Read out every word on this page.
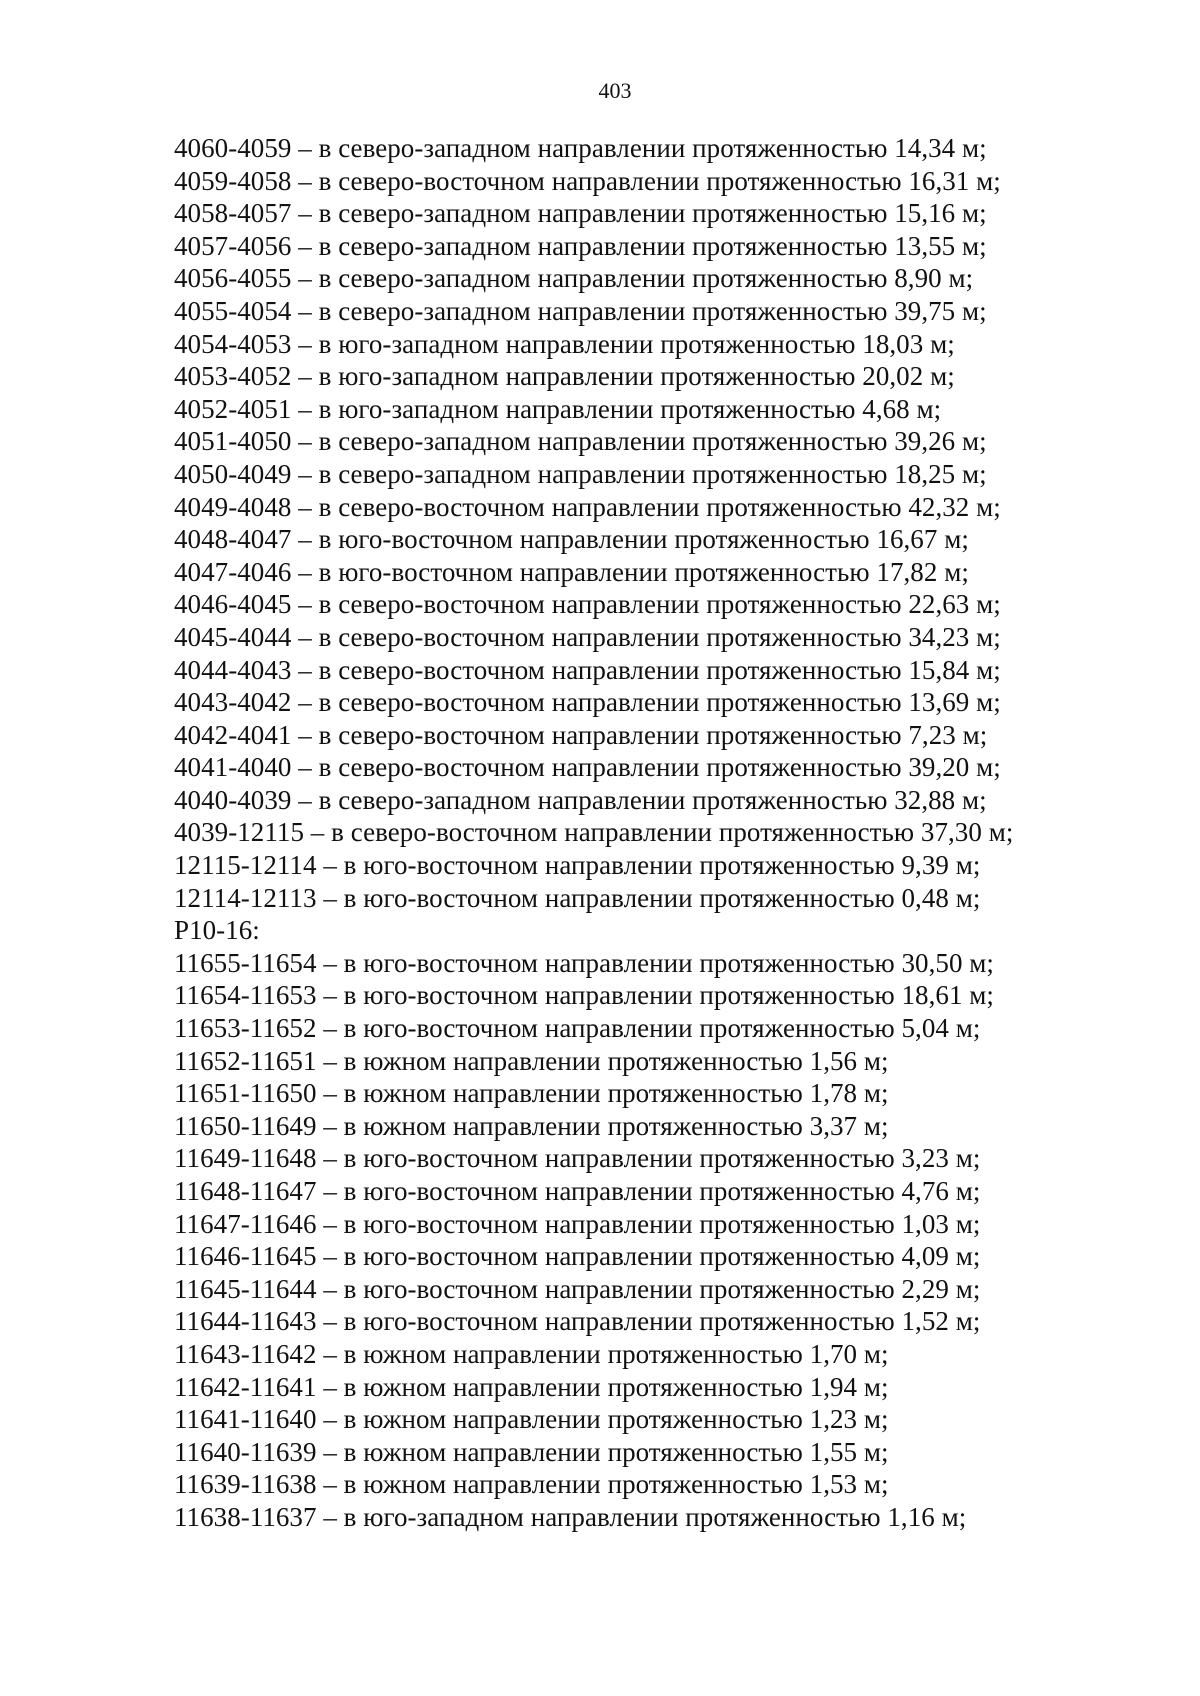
403
4060-4059 – в северо-западном направлении протяженностью 14,34 м;
4059-4058 – в северо-восточном направлении протяженностью 16,31 м;
4058-4057 – в северо-западном направлении протяженностью 15,16 м;
4057-4056 – в северо-западном направлении протяженностью 13,55 м;
4056-4055 – в северо-западном направлении протяженностью 8,90 м;
4055-4054 – в северо-западном направлении протяженностью 39,75 м;
4054-4053 – в юго-западном направлении протяженностью 18,03 м;
4053-4052 – в юго-западном направлении протяженностью 20,02 м;
4052-4051 – в юго-западном направлении протяженностью 4,68 м;
4051-4050 – в северо-западном направлении протяженностью 39,26 м;
4050-4049 – в северо-западном направлении протяженностью 18,25 м;
4049-4048 – в северо-восточном направлении протяженностью 42,32 м;
4048-4047 – в юго-восточном направлении протяженностью 16,67 м;
4047-4046 – в юго-восточном направлении протяженностью 17,82 м;
4046-4045 – в северо-восточном направлении протяженностью 22,63 м;
4045-4044 – в северо-восточном направлении протяженностью 34,23 м;
4044-4043 – в северо-восточном направлении протяженностью 15,84 м;
4043-4042 – в северо-восточном направлении протяженностью 13,69 м;
4042-4041 – в северо-восточном направлении протяженностью 7,23 м;
4041-4040 – в северо-восточном направлении протяженностью 39,20 м;
4040-4039 – в северо-западном направлении протяженностью 32,88 м;
4039-12115 – в северо-восточном направлении протяженностью 37,30 м;
12115-12114 – в юго-восточном направлении протяженностью 9,39 м;
12114-12113 – в юго-восточном направлении протяженностью 0,48 м;
Р10-16:
11655-11654 – в юго-восточном направлении протяженностью 30,50 м;
11654-11653 – в юго-восточном направлении протяженностью 18,61 м;
11653-11652 – в юго-восточном направлении протяженностью 5,04 м;
11652-11651 – в южном направлении протяженностью 1,56 м;
11651-11650 – в южном направлении протяженностью 1,78 м;
11650-11649 – в южном направлении протяженностью 3,37 м;
11649-11648 – в юго-восточном направлении протяженностью 3,23 м;
11648-11647 – в юго-восточном направлении протяженностью 4,76 м;
11647-11646 – в юго-восточном направлении протяженностью 1,03 м;
11646-11645 – в юго-восточном направлении протяженностью 4,09 м;
11645-11644 – в юго-восточном направлении протяженностью 2,29 м;
11644-11643 – в юго-восточном направлении протяженностью 1,52 м;
11643-11642 – в южном направлении протяженностью 1,70 м;
11642-11641 – в южном направлении протяженностью 1,94 м;
11641-11640 – в южном направлении протяженностью 1,23 м;
11640-11639 – в южном направлении протяженностью 1,55 м;
11639-11638 – в южном направлении протяженностью 1,53 м;
11638-11637 – в юго-западном направлении протяженностью 1,16 м;
